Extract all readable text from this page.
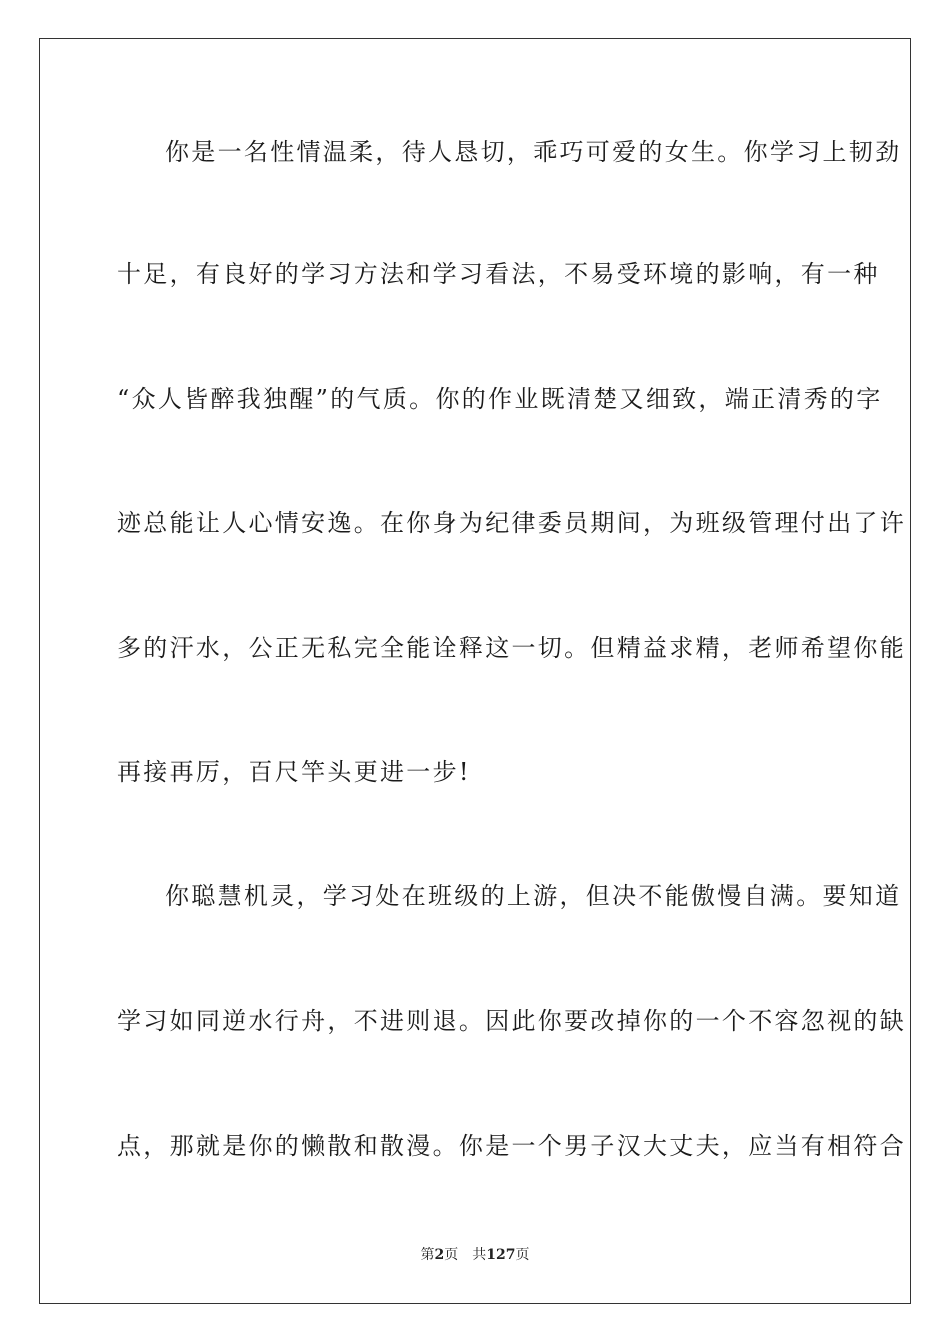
你是一名性情温柔，待人恳切，乖巧可爱的女生。你学习上韧劲
十足，有良好的学习方法和学习看法，不易受环境的影响，有一种
“众人皆醉我独醒”的气质。你的作业既清楚又细致，端正清秀的字
迹总能让人心情安逸。在你身为纪律委员期间，为班级管理付出了许
多的汗水，公正无私完全能诠释这一切。但精益求精，老师希望你能
再接再厉，百尺竿头更进一步!
你聪慧机灵，学习处在班级的上游，但决不能傲慢自满。要知道
学习如同逆水行舟，不进则退。因此你要改掉你的一个不容忽视的缺
点，那就是你的懒散和散漫。你是一个男子汉大丈夫，应当有相符合
第2页　共127页
